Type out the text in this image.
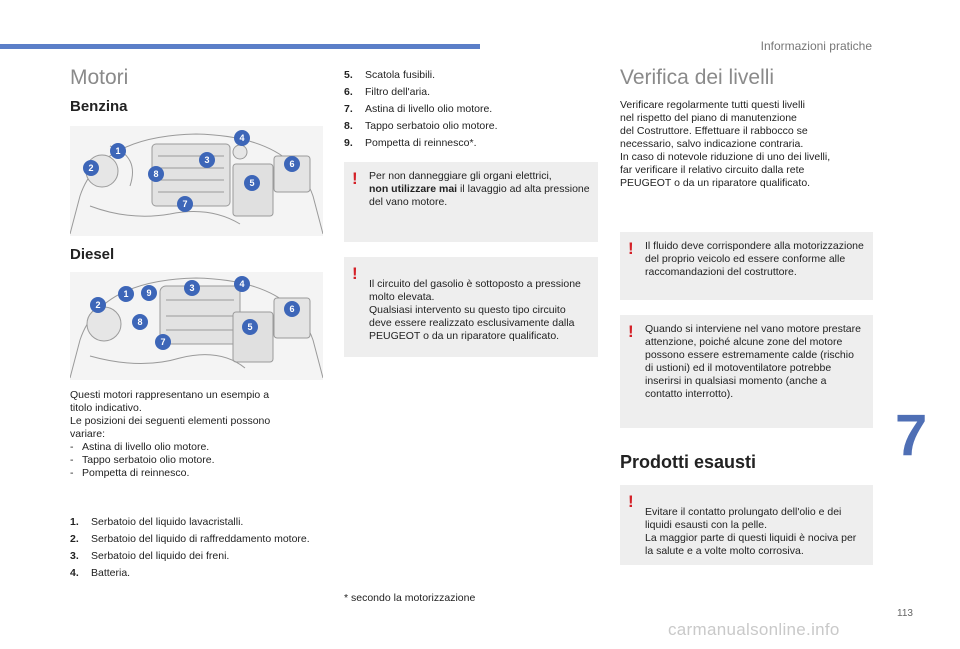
Informazioni pratiche
Motori
Benzina
1
2
3
4
5
6
7
8
Diesel
1
2
3	4
5
6
7
8
9
Questi motori rappresentano un esempio a
titolo indicativo.
Le posizioni dei seguenti elementi possono
variare:
- Astina di livello olio motore.
- Tappo serbatoio olio motore.
- Pompetta di reinnesco.
1. Serbatoio del liquido lavacristalli.
2. Serbatoio del liquido di raffreddamento motore.
3. Serbatoio del liquido dei freni.
4. Batteria.
5. Scatola fusibili.
6. Filtro dell'aria.
7. Astina di livello olio motore.
8. Tappo serbatoio olio motore.
9. Pompetta di reinnesco*.
! Per non danneggiare gli organi elettrici,
non utilizzare mai il lavaggio ad alta pressione del vano motore.

!
Il circuito del gasolio è sottoposto a pressione molto elevata.
Qualsiasi intervento su questo tipo circuito deve essere realizzato esclusivamente dalla PEUGEOT o da un riparatore qualificato.

* secondo la motorizzazione
Verifica dei livelli
Verificare regolarmente tutti questi livelli
nel rispetto del piano di manutenzione
del Costruttore. Effettuare il rabbocco se
necessario, salvo indicazione contraria.
In caso di notevole riduzione di uno dei livelli,
far verificare il relativo circuito dalla rete
PEUGEOT o da un riparatore qualificato.
! Il fluido deve corrispondere alla motorizzazione del proprio veicolo ed essere conforme alle raccomandazioni del costruttore.
! Quando si interviene nel vano motore prestare attenzione, poiché alcune zone del motore possono essere estremamente calde (rischio di ustioni) ed il motoventilatore potrebbe inserirsi in qualsiasi momento (anche a contatto interrotto).
Prodotti esausti

!
Evitare il contatto prolungato dell'olio e dei liquidi esausti con la pelle.
La maggior parte di questi liquidi è nociva per la salute e a volte molto corrosiva.

7
113
carmanualsonline.info
